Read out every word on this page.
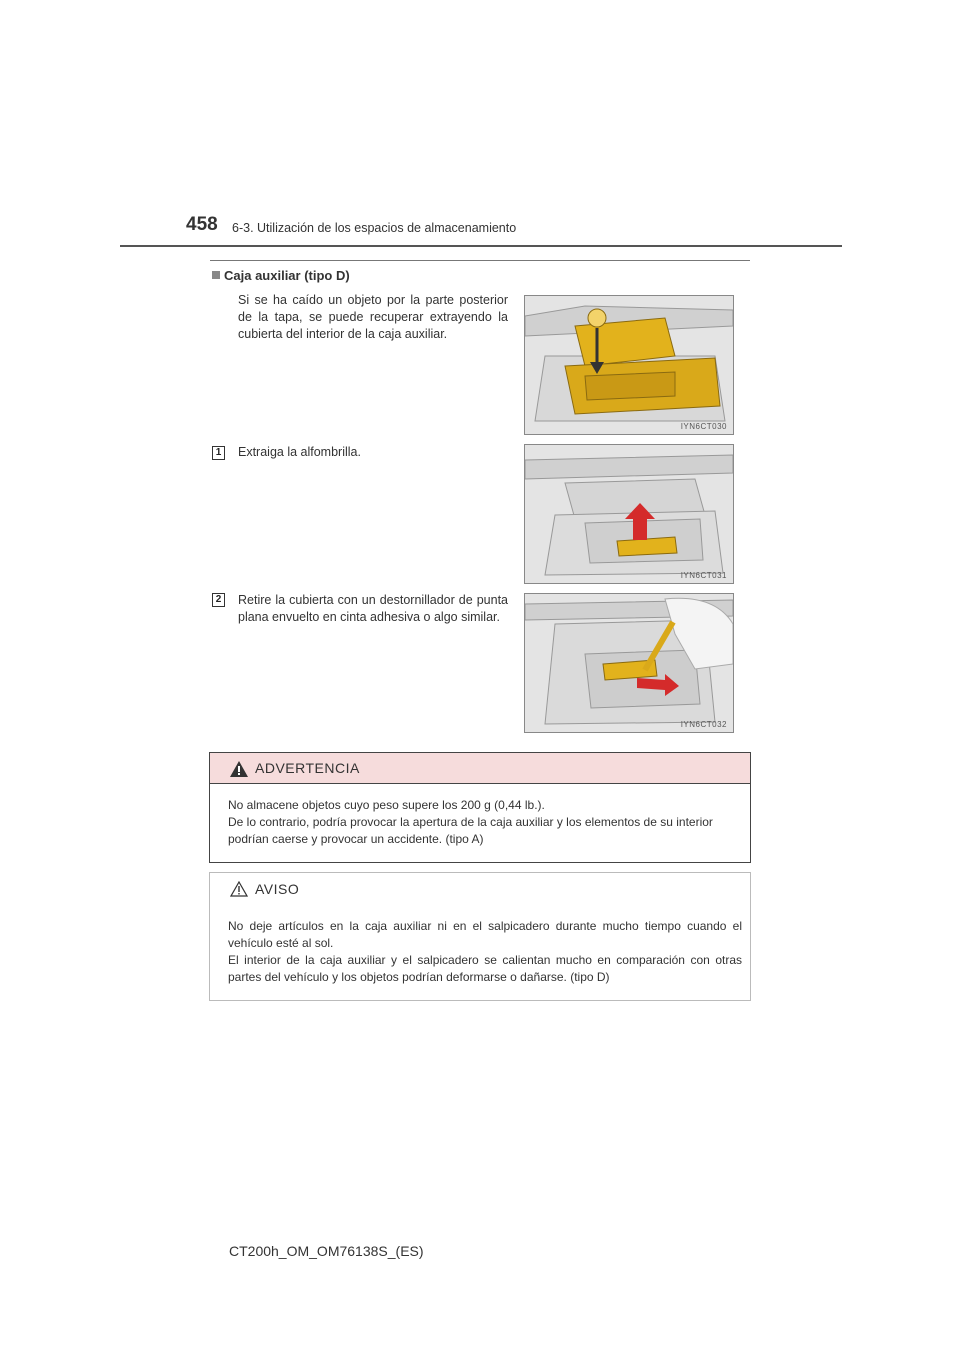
458 6-3. Utilización de los espacios de almacenamiento
Caja auxiliar (tipo D)
Si se ha caído un objeto por la parte posterior de la tapa, se puede recuperar extrayendo la cubierta del interior de la caja auxiliar.
IYN6CT030
1 Extraiga la alfombrilla.
IYN6CT031
2 Retire la cubierta con un destornillador de punta plana envuelto en cinta adhesiva o algo similar.
IYN6CT032
ADVERTENCIA

No almacene objetos cuyo peso supere los 200 g (0,44 lb.).

De lo contrario, podría provocar la apertura de la caja auxiliar y los elementos de su interior podrían caerse y provocar un accidente. (tipo A)

AVISO

No deje artículos en la caja auxiliar ni en el salpicadero durante mucho tiempo cuando el vehículo esté al sol.

El interior de la caja auxiliar y el salpicadero se calientan mucho en comparación con otras partes del vehículo y los objetos podrían deformarse o dañarse. (tipo D)

CT200h_OM_OM76138S_(ES)
